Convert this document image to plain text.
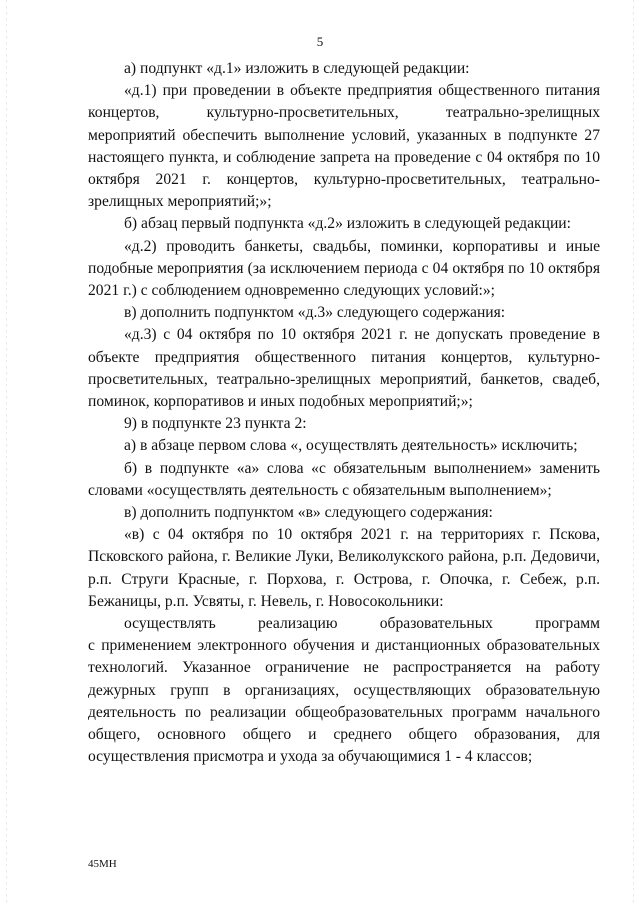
5

а) подпункт «д.1» изложить в следующей редакции:

«д.1) при проведении в объекте предприятия общественного питания концертов, культурно-просветительных, театрально-зрелищных мероприятий обеспечить выполнение условий, указанных в подпункте 27 настоящего пункта, и соблюдение запрета на проведение с 04 октября по 10 октября 2021 г. концертов, культурно-просветительных, театрально-зрелищных мероприятий;»;

б) абзац первый подпункта «д.2» изложить в следующей редакции:

«д.2) проводить банкеты, свадьбы, поминки, корпоративы и иные подобные мероприятия (за исключением периода с 04 октября по 10 октября 2021 г.) с соблюдением одновременно следующих условий:»;

в) дополнить подпунктом «д.3» следующего содержания:

«д.3) с 04 октября по 10 октября 2021 г. не допускать проведение в объекте предприятия общественного питания концертов, культурно-просветительных, театрально-зрелищных мероприятий, банкетов, свадеб, поминок, корпоративов и иных подобных мероприятий;»;

9) в подпункте 23 пункта 2:

а) в абзаце первом слова «, осуществлять деятельность» исключить;

б) в подпункте «а» слова «с обязательным выполнением» заменить словами «осуществлять деятельность с обязательным выполнением»;

в) дополнить подпунктом «в» следующего содержания:

«в) с 04 октября по 10 октября 2021 г. на территориях г. Пскова, Псковского района, г. Великие Луки, Великолукского района, р.п. Дедовичи, р.п. Струги Красные, г. Порхова, г. Острова, г. Опочка, г. Себеж, р.п. Бежаницы, р.п. Усвяты, г. Невель, г. Новосокольники:

осуществлять реализацию образовательных программ

с применением электронного обучения и дистанционных образовательных технологий. Указанное ограничение не распространяется на работу дежурных групп в организациях, осуществляющих образовательную деятельность по реализации общеобразовательных программ начального общего, основного общего и среднего общего образования, для осуществления присмотра и ухода за обучающимися 1 - 4 классов;

45МН
